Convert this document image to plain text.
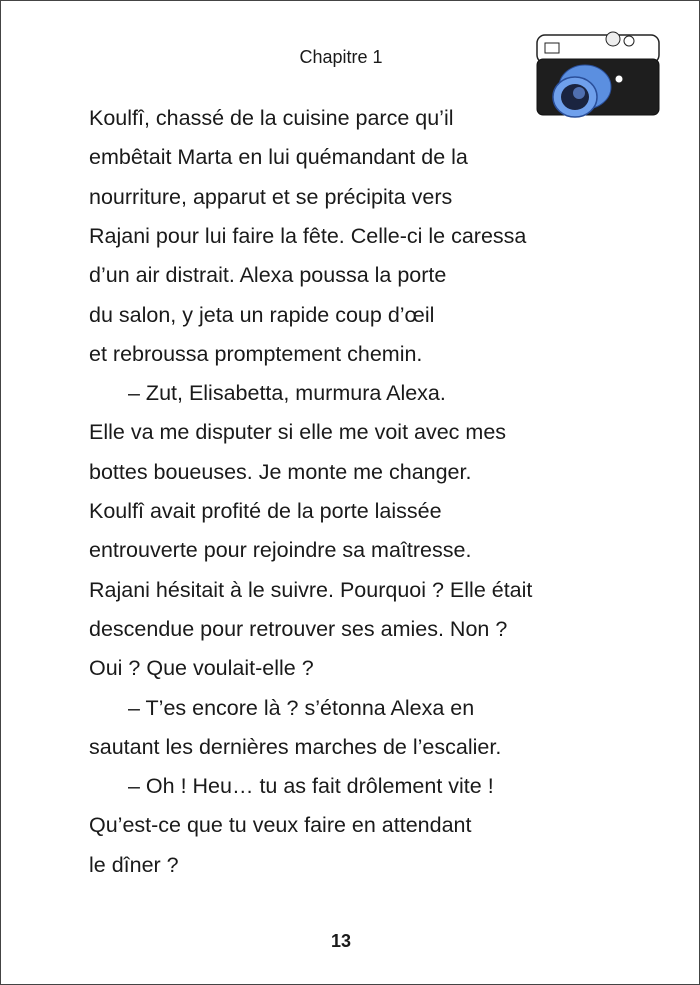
Chapitre 1
Koulfî, chassé de la cuisine parce qu’il
embêtait Marta en lui quémandant de la
nourriture, apparut et se précipita vers
Rajani pour lui faire la fête. Celle-ci le caressa
d’un air distrait. Alexa poussa la porte
du salon, y jeta un rapide coup d’œil
et rebroussa promptement chemin.
– Zut, Elisabetta, murmura Alexa.
Elle va me disputer si elle me voit avec mes
bottes boueuses. Je monte me changer.
Koulfî avait profité de la porte laissée
entrouverte pour rejoindre sa maîtresse.
Rajani hésitait à le suivre. Pourquoi ? Elle était
descendue pour retrouver ses amies. Non ?
Oui ? Que voulait-elle ?
– T’es encore là ? s’étonna Alexa en
sautant les dernières marches de l’escalier.
– Oh ! Heu… tu as fait drôlement vite !
Qu’est-ce que tu veux faire en attendant
le dîner ?
13
